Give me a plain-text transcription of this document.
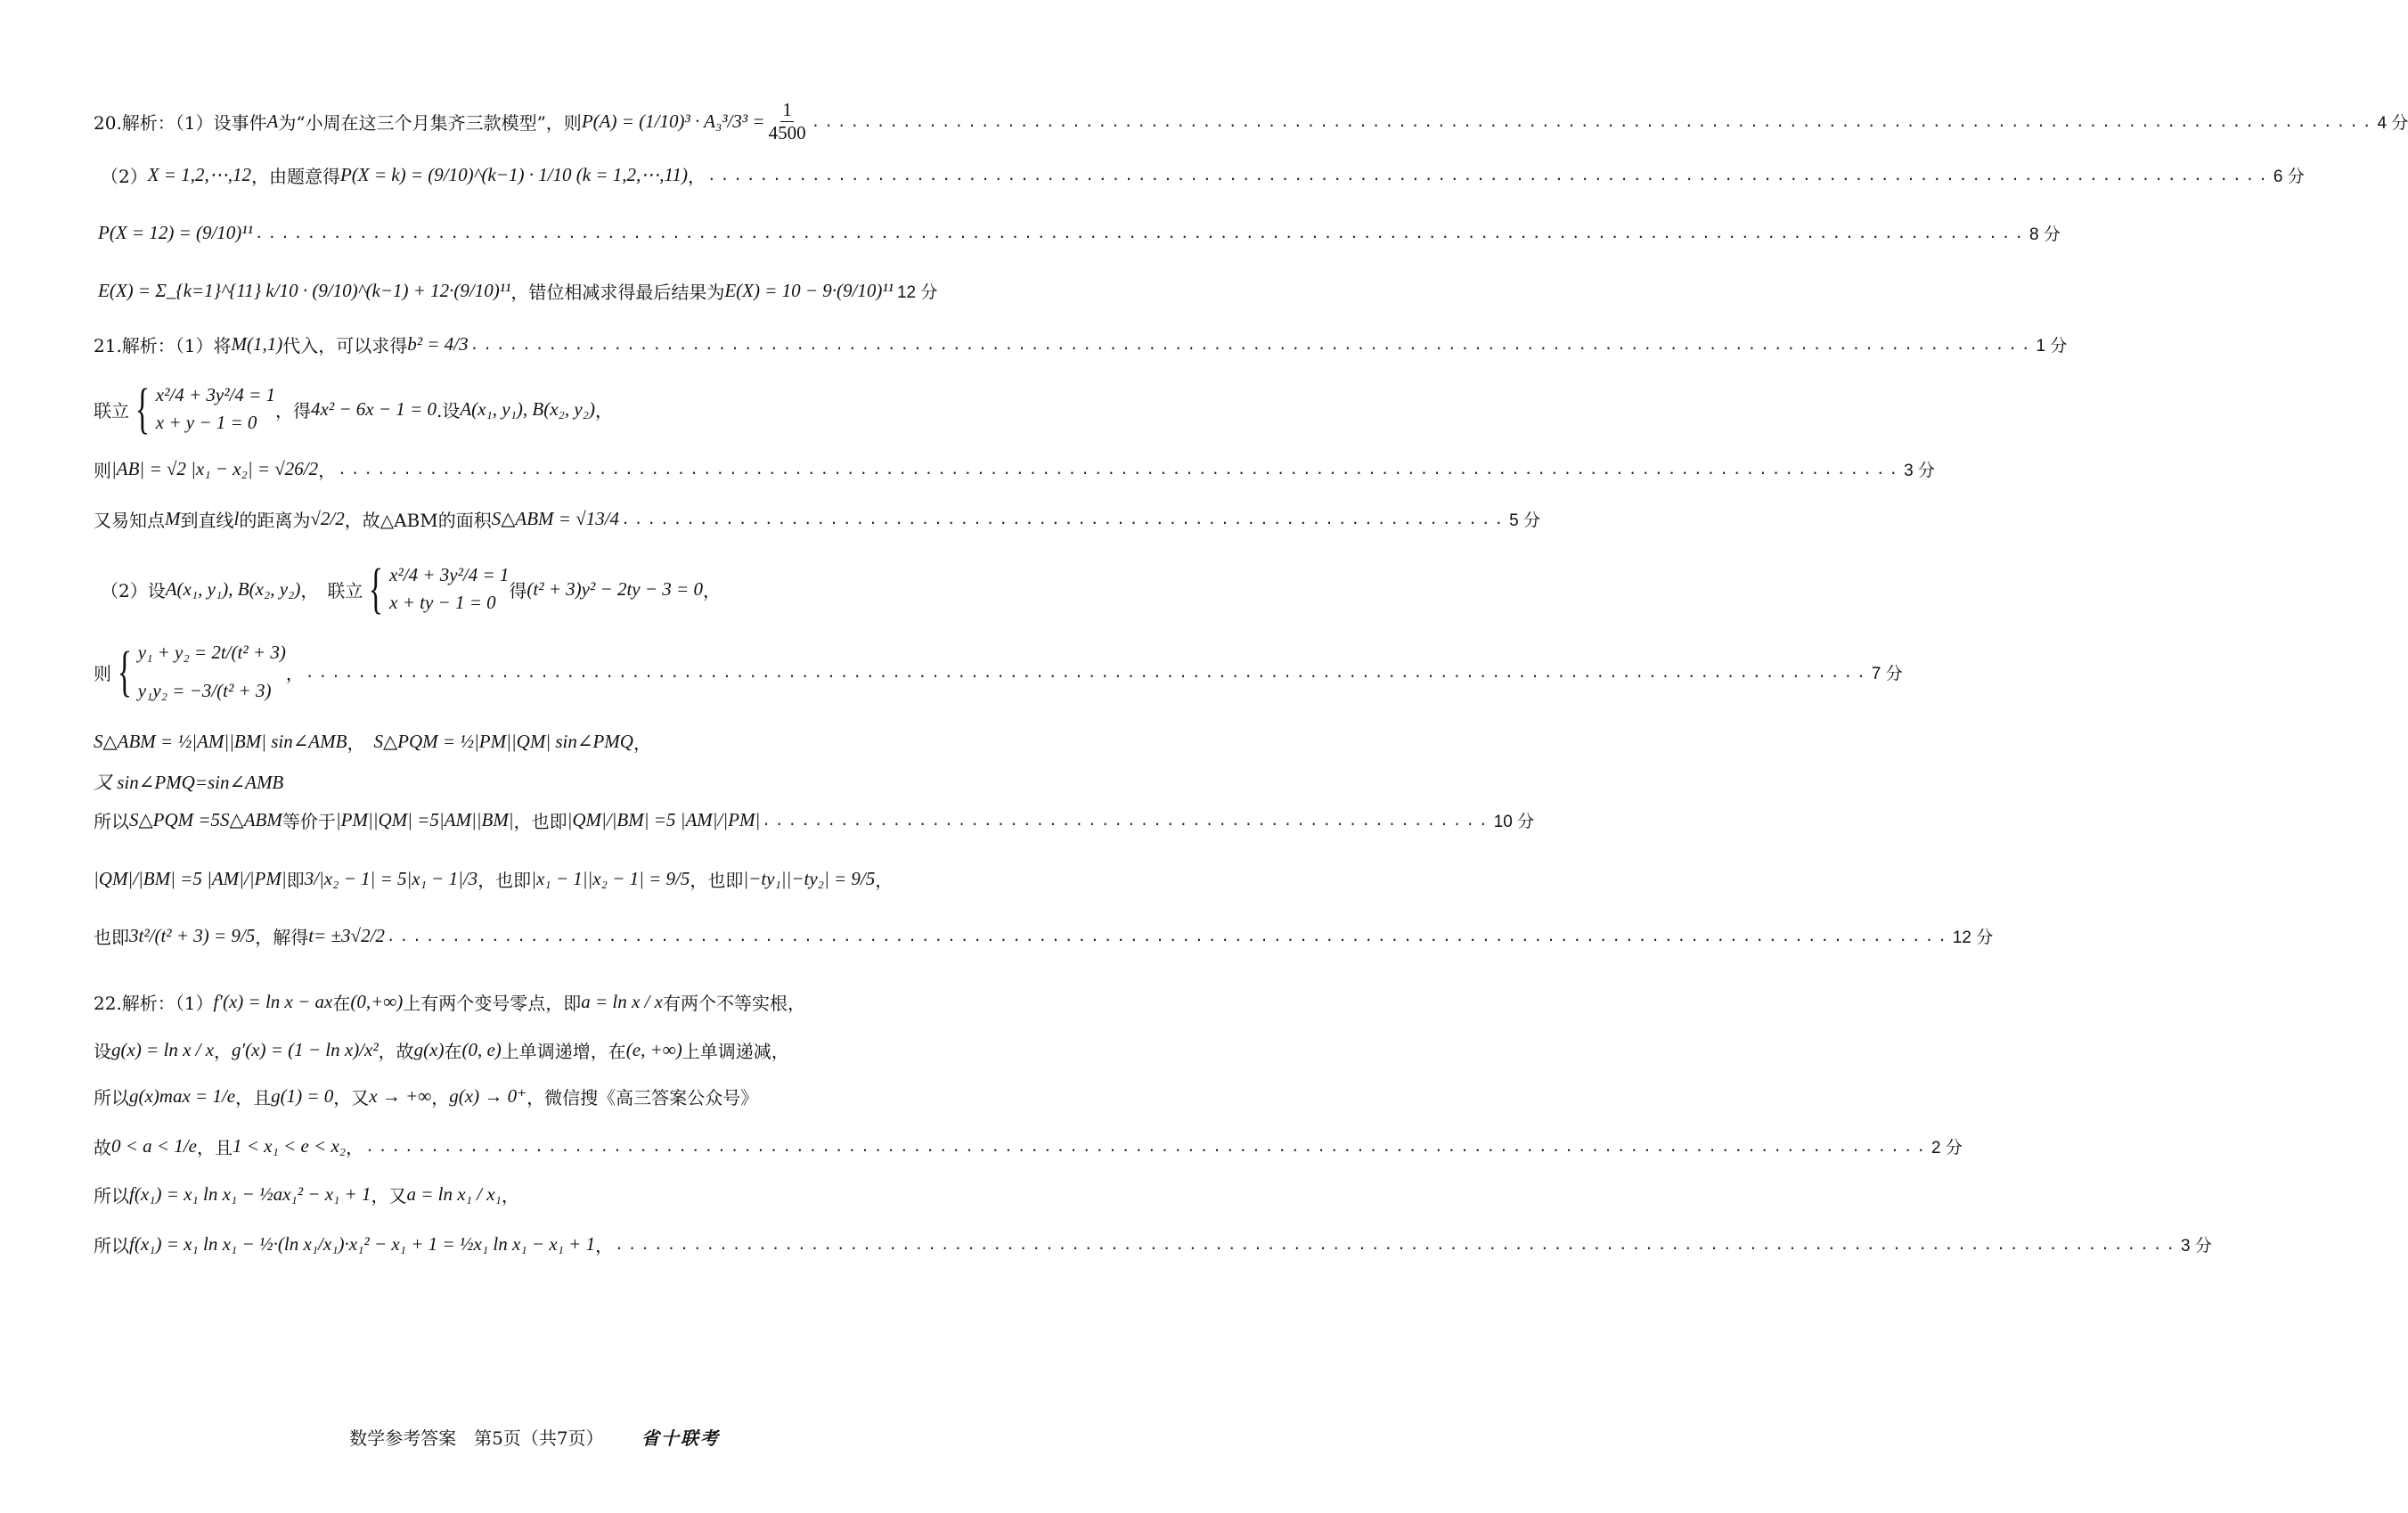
20.解析：（1）设事件 A 为“小周在这三个月集齐三款模型”，则 $P(A) = (1/10)^3 \cdot A_3^3/3^3 = \frac{1}{4500}$ ........................................................................................................................ 4 分
（2） X = 1,2,⋯,12 ，由题意得 P(X = k) = (9/10)^(k−1) · 1/10 (k = 1,2,⋯,11) ， ........................................................................................................................ 6 分
P(X = 12) = (9/10)¹¹ ........................................................................................................................................ 8 分
E(X) = Σ_{k=1}^{11} k/10 · (9/10)^(k−1) + 12·(9/10)¹¹ ，错位相减求得最后结果为 E(X) = 10 − 9·(9/10)¹¹ 12 分
21.解析：（1）将 M(1,1) 代入，可以求得 b² = 4/3 ........................................................................................................................ 1 分
联立 { x²/4 + 3y²/4 = 1
x + y − 1 = 0
，得 4x² − 6x − 1 = 0 .设 A(x₁, y₁), B(x₂, y₂) ，
则 |AB| = √2 |x₁ − x₂| = √26/2 ， ........................................................................................................................ 3 分
又易知点 M 到直线 l 的距离为 √2/2 ，故△ABM的面积 S△ABM = √13/4 .................................................................... 5 分
（2）设 A(x₁, y₁), B(x₂, y₂) ，　联立 { x²/4 + 3y²/4 = 1
x + ty − 1 = 0
得 (t² + 3)y² − 2ty − 3 = 0 ，
则 { y₁ + y₂ = 2t/(t² + 3)
y₁y₂ = −3/(t² + 3)
， ........................................................................................................................ 7 分
S△ABM = ½|AM||BM| sin∠AMB ，　 S△PQM = ½|PM||QM| sin∠PMQ ，
又 sin∠PMQ=sin∠AMB
所以 S△PQM =5S△ABM 等价于 |PM||QM| =5|AM||BM| ，也即 |QM|/|BM| =5 |AM|/|PM| ........................................................ 10 分
|QM|/|BM| =5 |AM|/|PM| 即 3/|x₂ − 1| = 5|x₁ − 1|/3 ，也即 |x₁ − 1||x₂ − 1| = 9/5 ，也即 |−ty₁||−ty₂| = 9/5 ，
也即 3t²/(t² + 3) = 9/5 ，解得 t= ±3√2/2 ........................................................................................................................ 12 分
22.解析：（1） f′(x) = ln x − ax 在 (0,+∞) 上有两个变号零点，即 a = ln x / x 有两个不等实根，
设 g(x) = ln x / x ， g′(x) = (1 − ln x)/x² ，故 g(x) 在 (0, e) 上单调递增，在 (e, +∞) 上单调递减，
所以 g(x)max = 1/e ，且 g(1) = 0 ，又 x → +∞ ， g(x) → 0⁺ ，微信搜《高三答案公众号》
故 0 < a < 1/e ，且 1 < x₁ < e < x₂ ， ........................................................................................................................ 2 分
所以 f(x₁) = x₁ ln x₁ − ½ax₁² − x₁ + 1 ，又 a = ln x₁ / x₁ ，
所以 f(x₁) = x₁ ln x₁ − ½·(ln x₁/x₁)·x₁² − x₁ + 1 = ½x₁ ln x₁ − x₁ + 1 ， ........................................................................................................................ 3 分
数学参考答案　第5页（共7页） 省十联考
